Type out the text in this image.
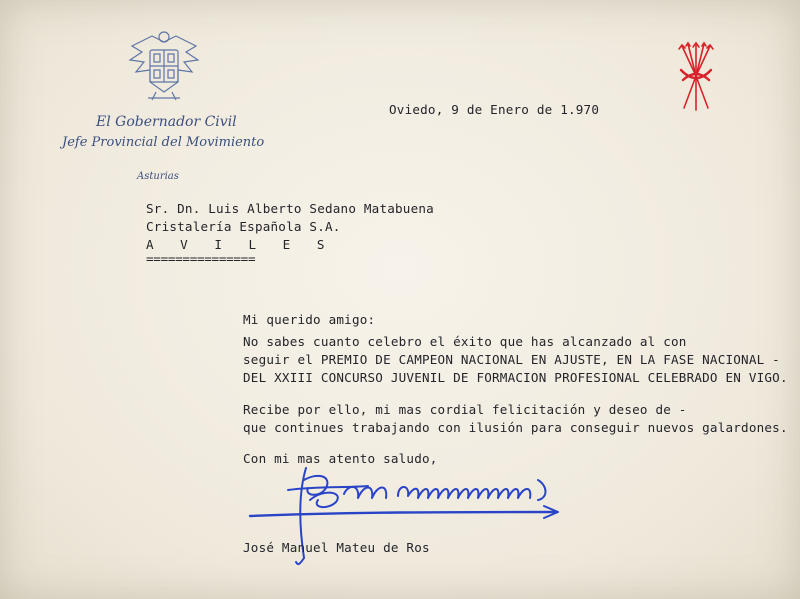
El Gobernador Civil
Jefe Provincial del Movimiento
Asturias
Oviedo, 9 de Enero de 1.970
Sr. Dn. Luis Alberto Sedano Matabuena
Cristalería Española S.A.
A V I L E S
===============
Mi querido amigo:
No sabes cuanto celebro el éxito que has alcanzado al con
seguir el PREMIO DE CAMPEON NACIONAL EN AJUSTE, EN LA FASE NACIONAL -
DEL XXIII CONCURSO JUVENIL DE FORMACION PROFESIONAL CELEBRADO EN VIGO.
Recibe por ello, mi mas cordial felicitación y deseo de -
que continues trabajando con ilusión para conseguir nuevos galardones.
Con mi mas atento saludo,
José Manuel Mateu de Ros
